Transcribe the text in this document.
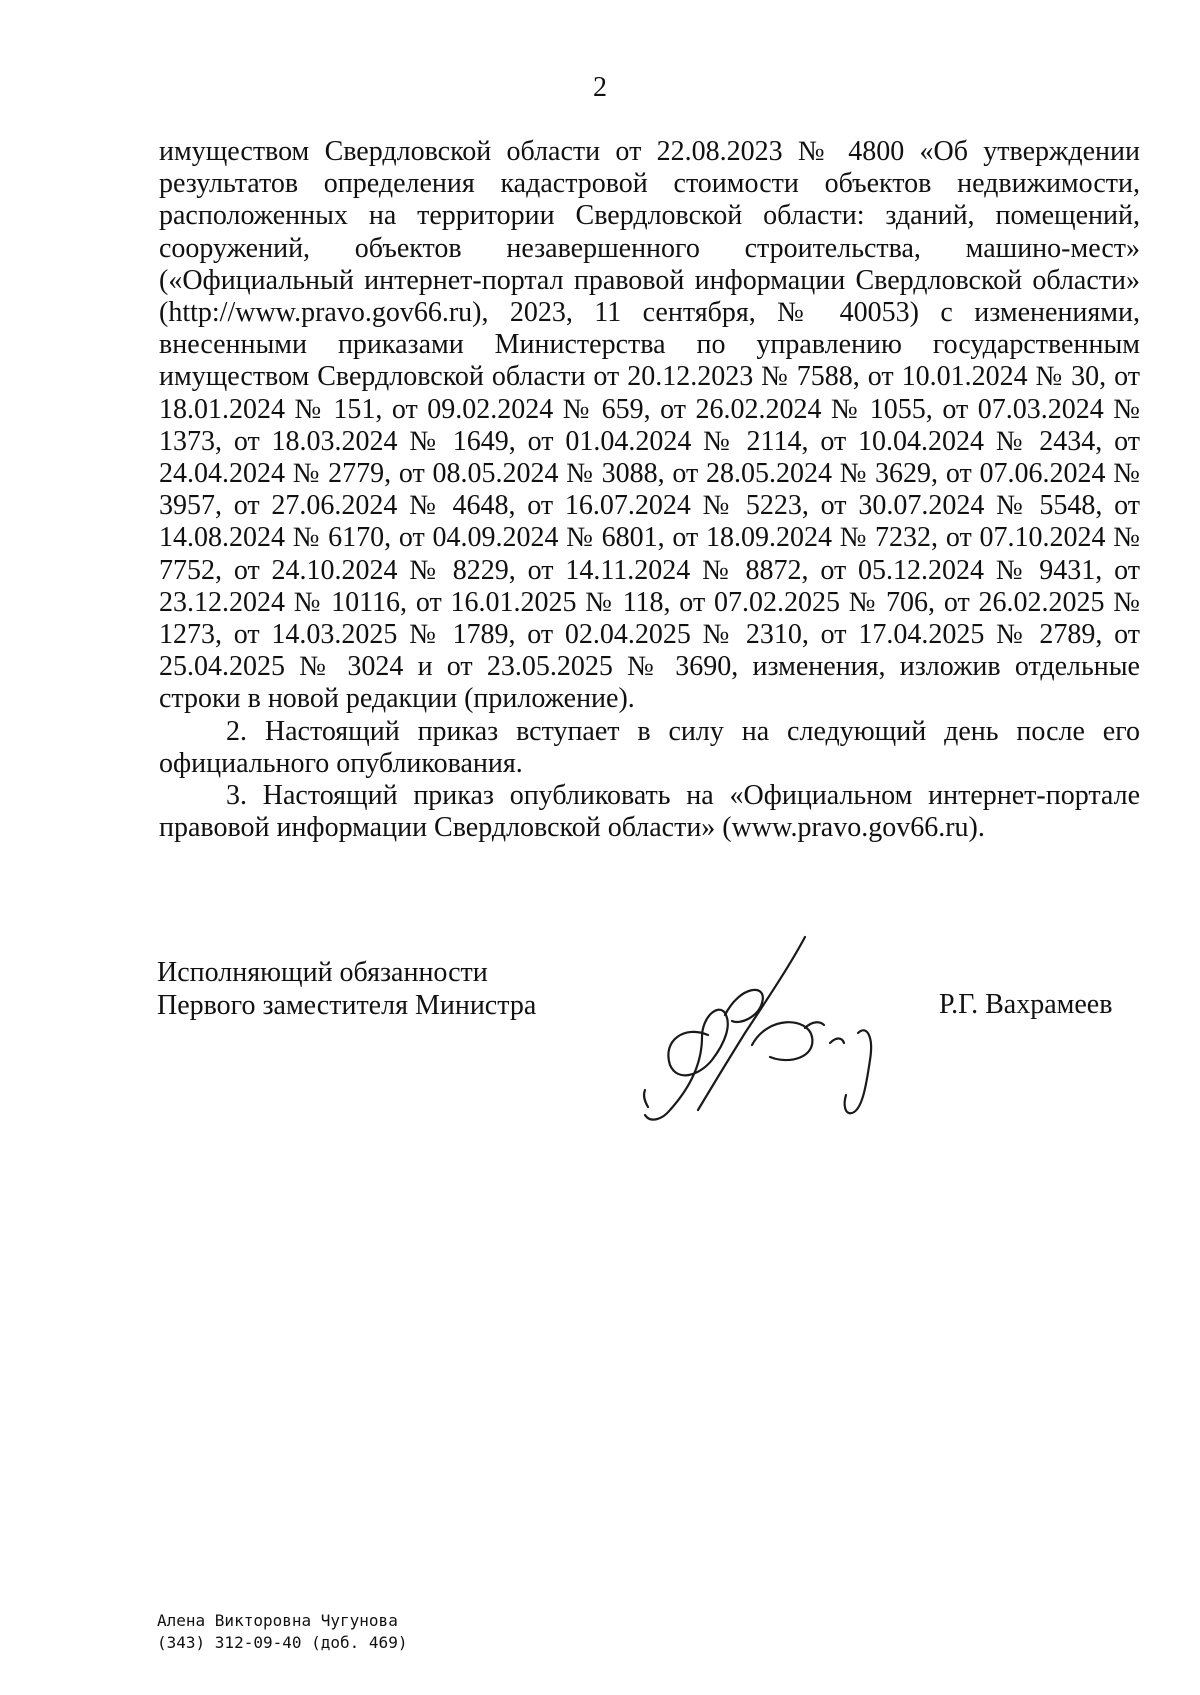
2

имуществом Свердловской области от 22.08.2023 № 4800 «Об утверждении результатов определения кадастровой стоимости объектов недвижимости, расположенных на территории Свердловской области: зданий, помещений, сооружений, объектов незавершенного строительства, машино-мест» («Официальный интернет-портал правовой информации Свердловской области» (http://www.pravo.gov66.ru), 2023, 11 сентября, № 40053) с изменениями, внесенными приказами Министерства по управлению государственным имуществом Свердловской области от 20.12.2023 № 7588, от 10.01.2024 № 30, от 18.01.2024 № 151, от 09.02.2024 № 659, от 26.02.2024 № 1055, от 07.03.2024 № 1373, от 18.03.2024 № 1649, от 01.04.2024 № 2114, от 10.04.2024 № 2434, от 24.04.2024 № 2779, от 08.05.2024 № 3088, от 28.05.2024 № 3629, от 07.06.2024 № 3957, от 27.06.2024 № 4648, от 16.07.2024 № 5223, от 30.07.2024 № 5548, от 14.08.2024 № 6170, от 04.09.2024 № 6801, от 18.09.2024 № 7232, от 07.10.2024 № 7752, от 24.10.2024 № 8229, от 14.11.2024 № 8872, от 05.12.2024 № 9431, от 23.12.2024 № 10116, от 16.01.2025 № 118, от 07.02.2025 № 706, от 26.02.2025 № 1273, от 14.03.2025 № 1789, от 02.04.2025 № 2310, от 17.04.2025 № 2789, от 25.04.2025 № 3024 и от 23.05.2025 № 3690, изменения, изложив отдельные строки в новой редакции (приложение).

2. Настоящий приказ вступает в силу на следующий день после его официального опубликования.

3. Настоящий приказ опубликовать на «Официальном интернет-портале правовой информации Свердловской области» (www.pravo.gov66.ru).

Исполняющий обязанности
Первого заместителя Министра	Р.Г. Вахрамеев
Алена Викторовна Чугунова
(343) 312-09-40 (доб. 469)
